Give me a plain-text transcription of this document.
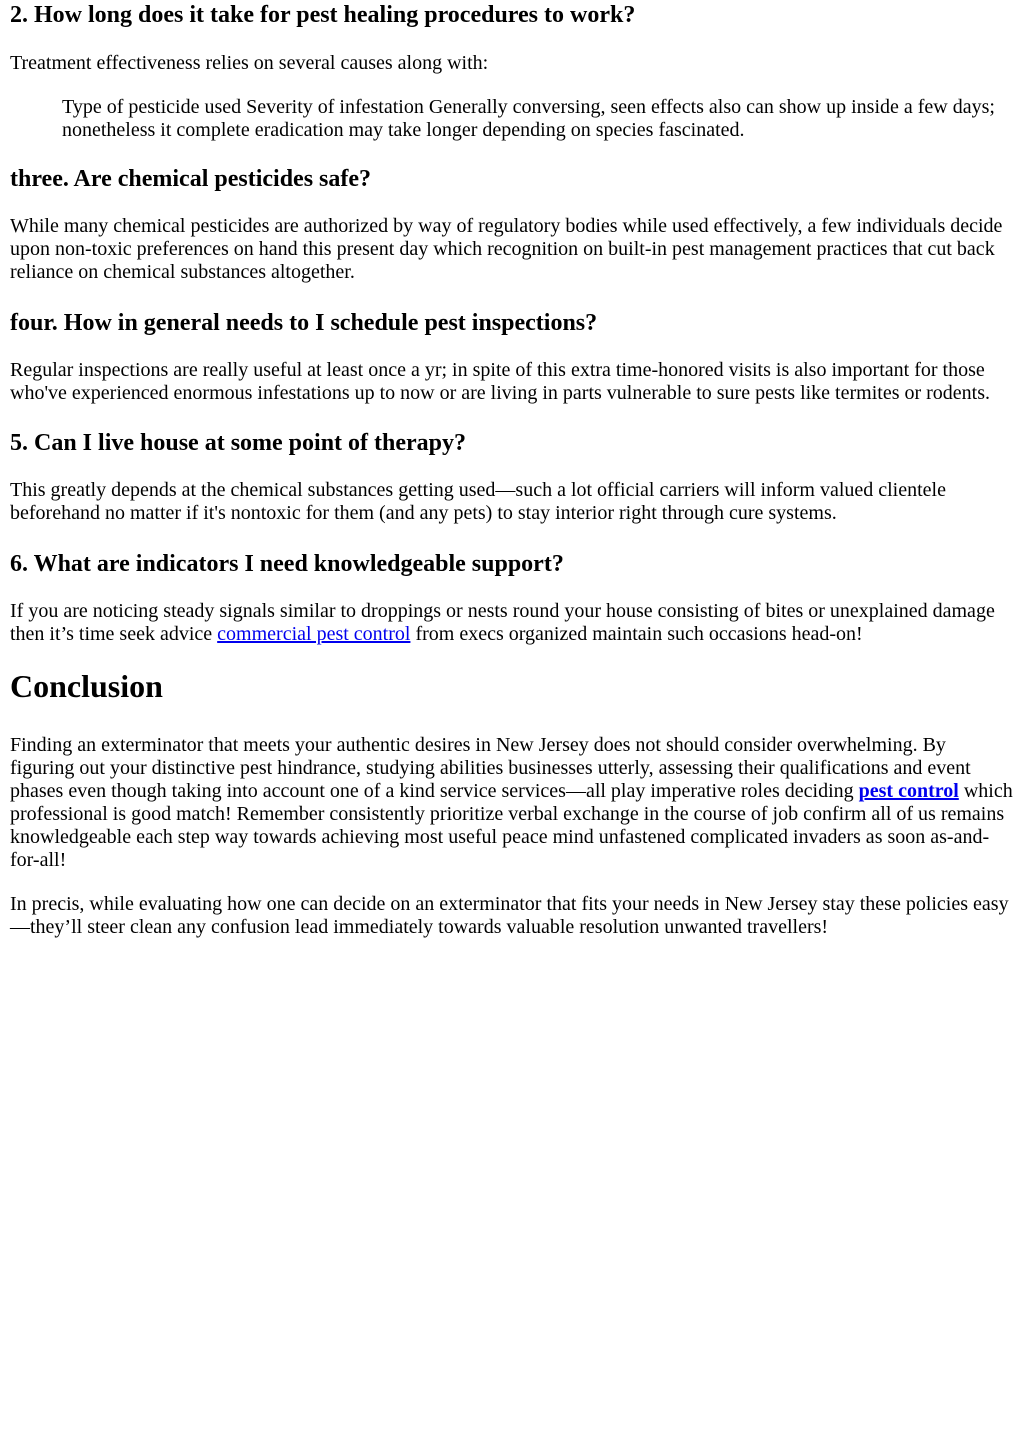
2. How long does it take for pest healing procedures to work?

Treatment effectiveness relies on several causes along with:

Type of pesticide used Severity of infestation Generally conversing, seen effects also can show up inside a few days; nonetheless it complete eradication may take longer depending on species fascinated.
three. Are chemical pesticides safe?

While many chemical pesticides are authorized by way of regulatory bodies while used effectively, a few individuals decide upon non-toxic preferences on hand this present day which recognition on built-in pest management practices that cut back reliance on chemical substances altogether.

four. How in general needs to I schedule pest inspections?

Regular inspections are really useful at least once a yr; in spite of this extra time-honored visits is also important for those who've experienced enormous infestations up to now or are living in parts vulnerable to sure pests like termites or rodents.

5. Can I live house at some point of therapy?

This greatly depends at the chemical substances getting used—such a lot official carriers will inform valued clientele beforehand no matter if it's nontoxic for them (and any pets) to stay interior right through cure systems.

6. What are indicators I need knowledgeable support?

If you are noticing steady signals similar to droppings or nests round your house consisting of bites or unexplained damage then it’s time seek advice commercial pest control from execs organized maintain such occasions head-on!

Conclusion

Finding an exterminator that meets your authentic desires in New Jersey does not should consider overwhelming. By figuring out your distinctive pest hindrance, studying abilities businesses utterly, assessing their qualifications and event phases even though taking into account one of a kind service services—all play imperative roles deciding pest control which professional is good match! Remember consistently prioritize verbal exchange in the course of job confirm all of us remains knowledgeable each step way towards achieving most useful peace mind unfastened complicated invaders as soon as-and-for-all!

In precis, while evaluating how one can decide on an exterminator that fits your needs in New Jersey stay these policies easy—they’ll steer clean any confusion lead immediately towards valuable resolution unwanted travellers!
